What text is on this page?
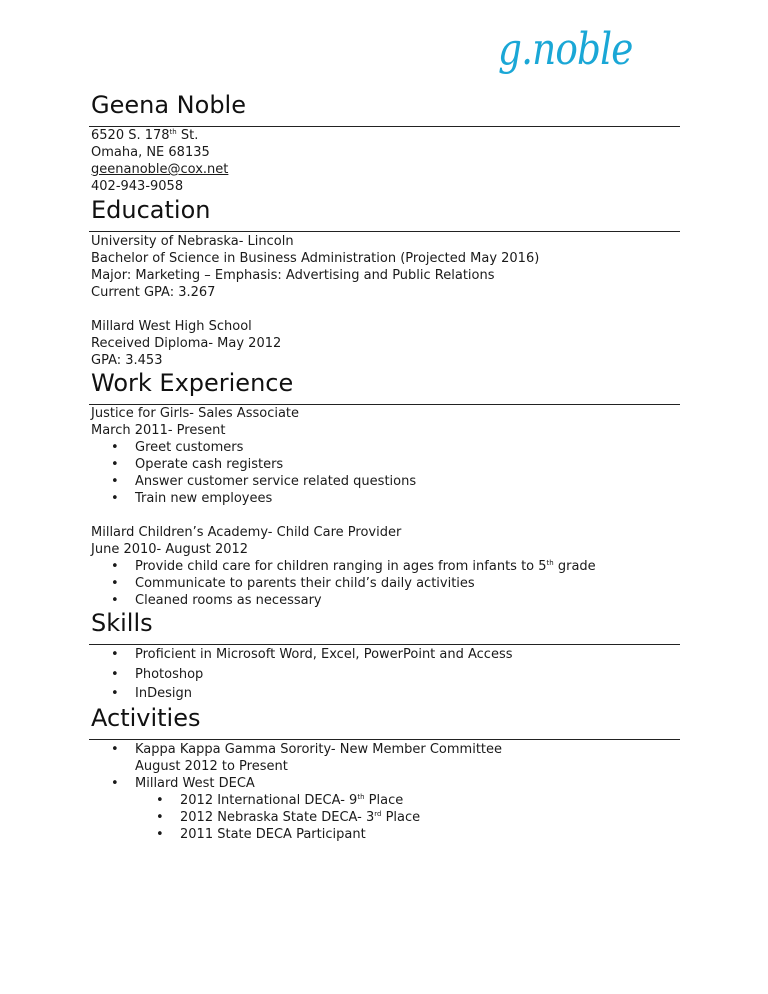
g.noble
Geena Noble
6520 S. 178th St.
Omaha, NE 68135
geenanoble@cox.net
402-943-9058
Education
University of Nebraska- Lincoln
Bachelor of Science in Business Administration (Projected May 2016)
Major: Marketing – Emphasis: Advertising and Public Relations
Current GPA: 3.267
Millard West High School
Received Diploma- May 2012
GPA: 3.453
Work Experience
Justice for Girls- Sales Associate
March 2011- Present
• Greet customers
• Operate cash registers
• Answer customer service related questions
• Train new employees
Millard Children’s Academy- Child Care Provider
June 2010- August 2012
• Provide child care for children ranging in ages from infants to 5th grade
• Communicate to parents their child’s daily activities
• Cleaned rooms as necessary
Skills
• Proficient in Microsoft Word, Excel, PowerPoint and Access
• Photoshop
• InDesign
Activities
• Kappa Kappa Gamma Sorority- New Member Committee
August 2012 to Present
• Millard West DECA
• 2012 International DECA- 9th Place
• 2012 Nebraska State DECA- 3rd Place
• 2011 State DECA Participant
